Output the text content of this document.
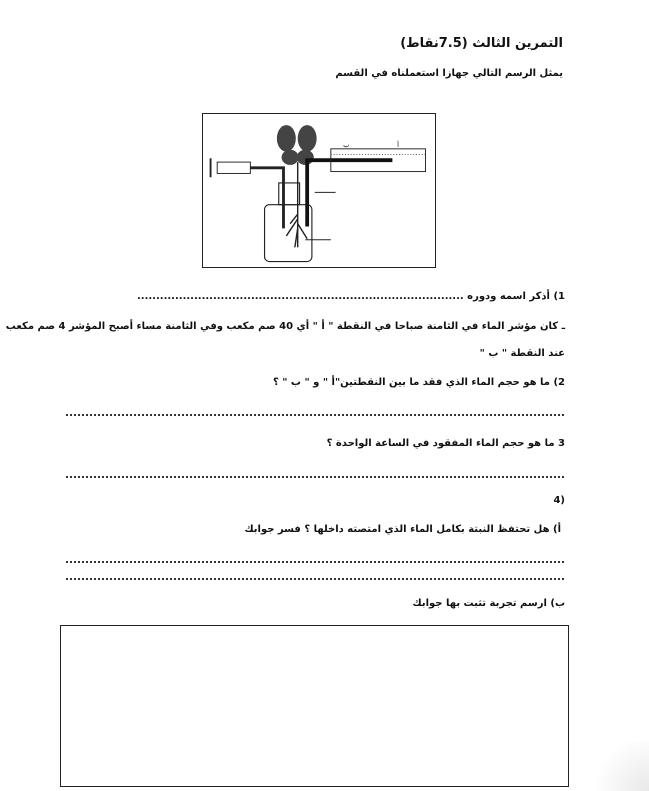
التمرين الثالث (7.5نقاط)
يمثل الرسم التالي جهازا استعملناه في القسم
ب	أ
1) أذكر اسمه ودوره ......................................................................................
ـ كان مؤشر الماء في الثامنة صباحا في النقطة " أ " أي 40 صم مكعب وفي الثامنة مساء أصبح المؤشر 4 صم مكعب
عند النقطة " ب "
2) ما هو حجم الماء الذي فقد ما بين النقطتين"أ " و " ب " ؟
3 ما هو حجم الماء المفقود في الساعة الواحدة ؟
(4
أ) هل تحتفظ النبتة بكامل الماء الذي امتصته داخلها ؟ فسر جوابك
ب) ارسم تجربة تثبت بها جوابك
